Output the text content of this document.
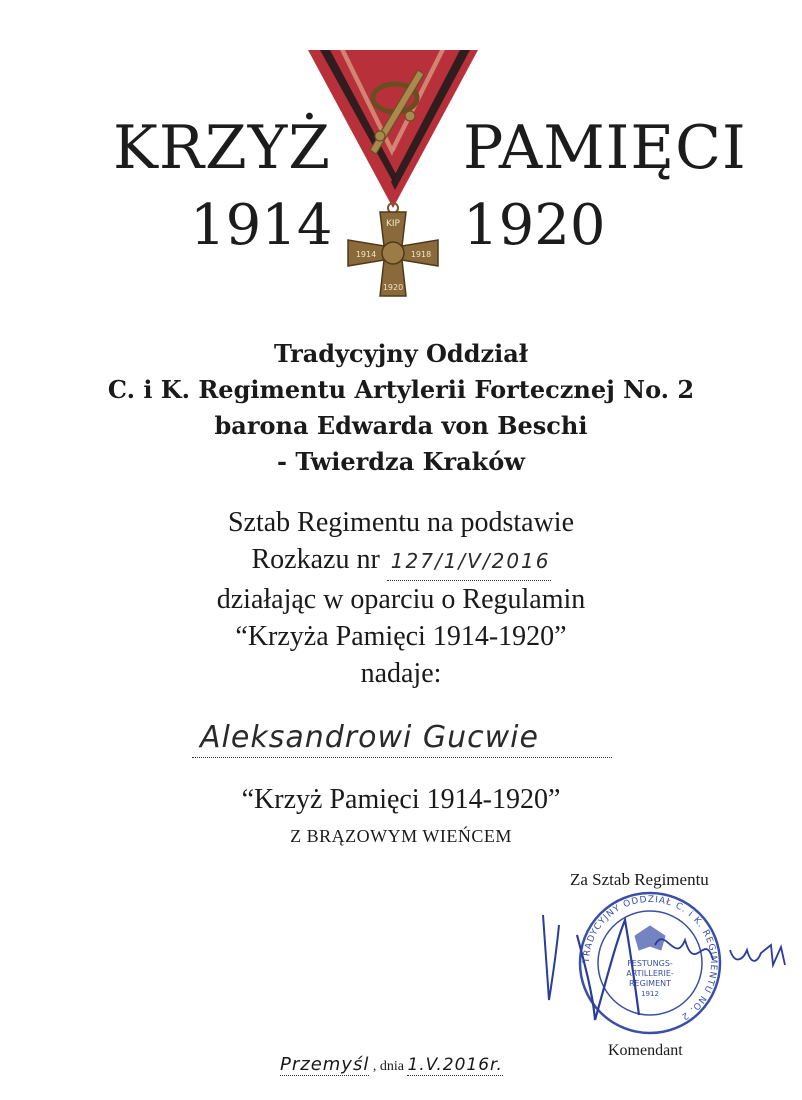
KRZYŻ PAMIĘCI
1914 1920
KIP
1914	1918
1920
Tradycyjny Oddział
C. i K. Regimentu Artylerii Fortecznej No. 2
barona Edwarda von Beschi
- Twierdza Kraków
Sztab Regimentu na podstawie
Rozkazu nr 127/1/V/2016
działając w oparciu o Regulamin
“Krzyża Pamięci 1914-1920”
nadaje:
Aleksandrowi Gucwie
“Krzyż Pamięci 1914-1920”
Z BRĄZOWYM WIEŃCEM
Za Sztab Regimentu
TRADYCYJNY ODDZIAŁ C. i K. REGIMENTU NO. 2
FESTUNGS-
ARTILLERIE-
REGIMENT
1912
Komendant
Przemyśl , dnia 1.V.2016r.
